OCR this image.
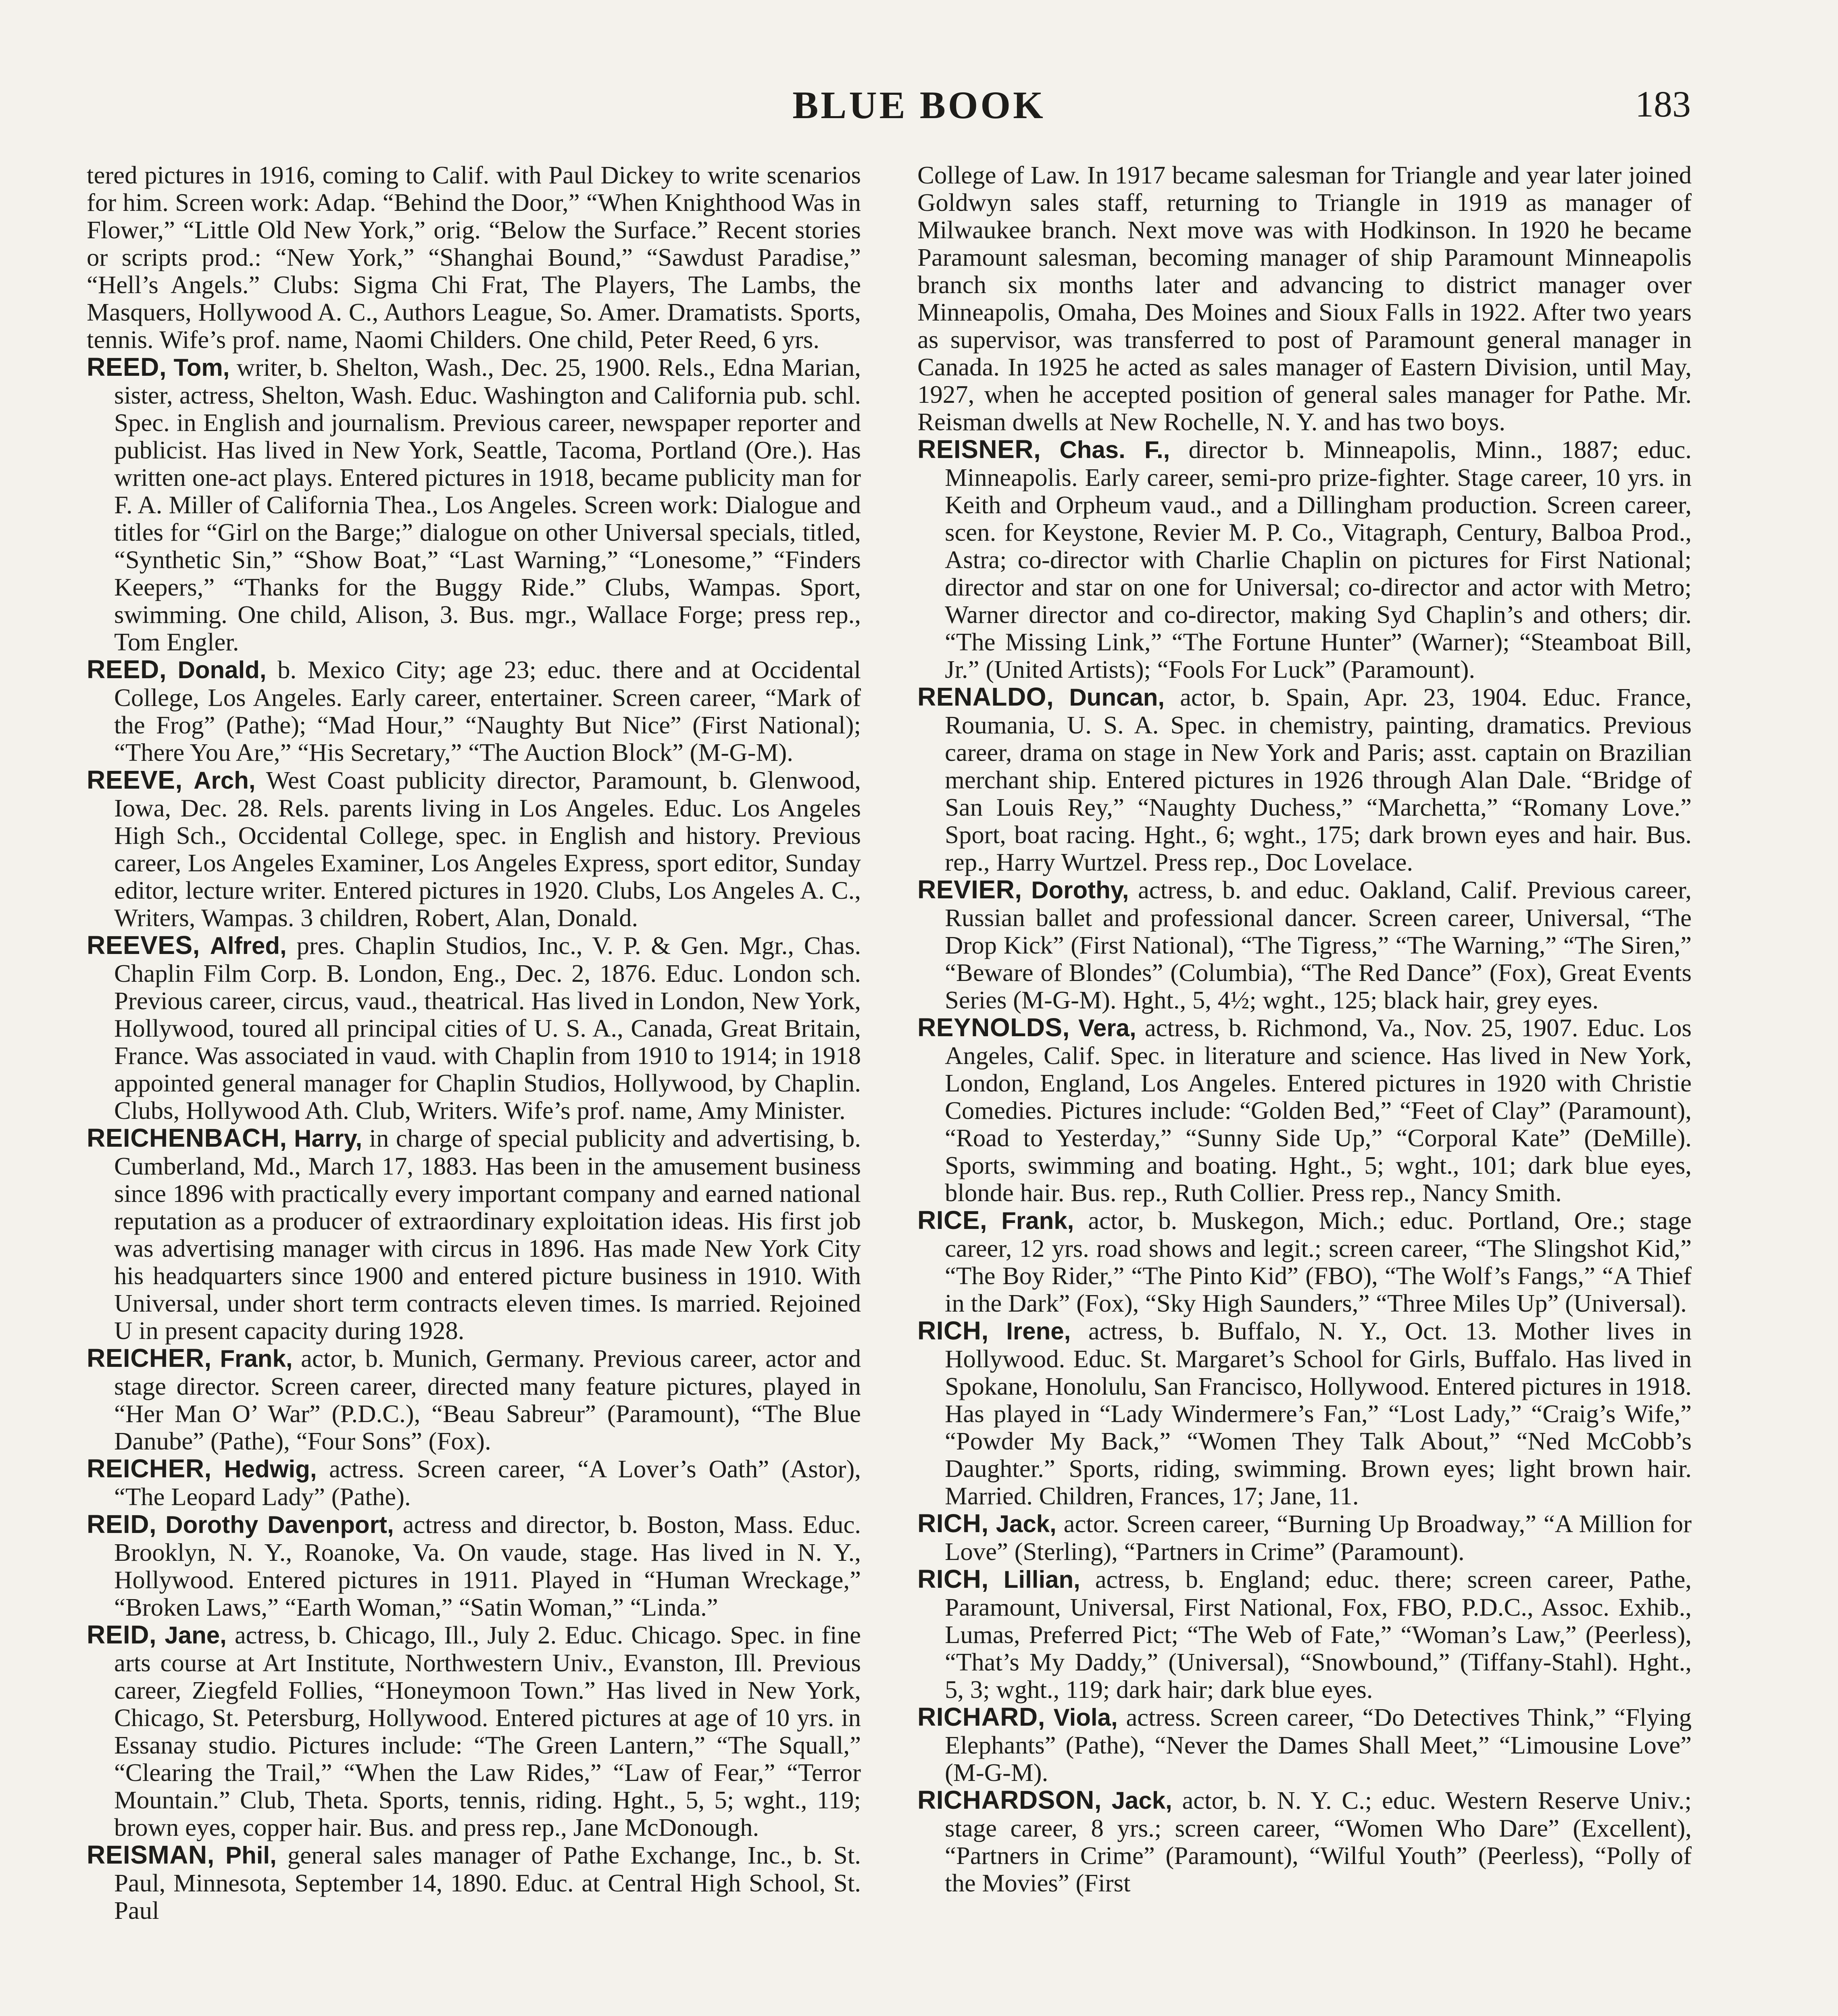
BLUE BOOK	183

tered pictures in 1916, coming to Calif. with Paul Dickey to write scenarios for him. Screen work: Adap. “Behind the Door,” “When Knighthood Was in Flower,” “Little Old New York,” orig. “Below the Surface.” Recent stories or scripts prod.: “New York,” “Shanghai Bound,” “Sawdust Paradise,” “Hell’s Angels.” Clubs: Sigma Chi Frat, The Players, The Lambs, the Masquers, Hollywood A. C., Authors League, So. Amer. Dramatists. Sports, tennis. Wife’s prof. name, Naomi Childers. One child, Peter Reed, 6 yrs.

REED, Tom, writer, b. Shelton, Wash., Dec. 25, 1900. Rels., Edna Marian, sister, actress, Shelton, Wash. Educ. Washington and California pub. schl. Spec. in English and journalism. Previous career, newspaper reporter and publicist. Has lived in New York, Seattle, Tacoma, Portland (Ore.). Has written one-act plays. Entered pictures in 1918, became publicity man for F. A. Miller of California Thea., Los Angeles. Screen work: Dialogue and titles for “Girl on the Barge;” dialogue on other Universal specials, titled, “Synthetic Sin,” “Show Boat,” “Last Warning,” “Lonesome,” “Finders Keepers,” “Thanks for the Buggy Ride.” Clubs, Wampas. Sport, swimming. One child, Alison, 3. Bus. mgr., Wallace Forge; press rep., Tom Engler.

REED, Donald, b. Mexico City; age 23; educ. there and at Occidental College, Los Angeles. Early career, entertainer. Screen career, “Mark of the Frog” (Pathe); “Mad Hour,” “Naughty But Nice” (First National); “There You Are,” “His Secretary,” “The Auction Block” (M-G-M).

REEVE, Arch, West Coast publicity director, Paramount, b. Glenwood, Iowa, Dec. 28. Rels. parents living in Los Angeles. Educ. Los Angeles High Sch., Occidental College, spec. in English and history. Previous career, Los Angeles Examiner, Los Angeles Express, sport editor, Sunday editor, lecture writer. Entered pictures in 1920. Clubs, Los Angeles A. C., Writers, Wampas. 3 children, Robert, Alan, Donald.

REEVES, Alfred, pres. Chaplin Studios, Inc., V. P. & Gen. Mgr., Chas. Chaplin Film Corp. B. London, Eng., Dec. 2, 1876. Educ. London sch. Previous career, circus, vaud., theatrical. Has lived in London, New York, Hollywood, toured all principal cities of U. S. A., Canada, Great Britain, France. Was associated in vaud. with Chaplin from 1910 to 1914; in 1918 appointed general manager for Chaplin Studios, Hollywood, by Chaplin. Clubs, Hollywood Ath. Club, Writers. Wife’s prof. name, Amy Minister.

REICHENBACH, Harry, in charge of special publicity and advertising, b. Cumberland, Md., March 17, 1883. Has been in the amusement business since 1896 with practically every important company and earned national reputation as a producer of extraordinary exploitation ideas. His first job was advertising manager with circus in 1896. Has made New York City his headquarters since 1900 and entered picture business in 1910. With Universal, under short term contracts eleven times. Is married. Rejoined U in present capacity during 1928.

REICHER, Frank, actor, b. Munich, Germany. Previous career, actor and stage director. Screen career, directed many feature pictures, played in “Her Man O’ War” (P.D.C.), “Beau Sabreur” (Paramount), “The Blue Danube” (Pathe), “Four Sons” (Fox).

REICHER, Hedwig, actress. Screen career, “A Lover’s Oath” (Astor), “The Leopard Lady” (Pathe).

REID, Dorothy Davenport, actress and director, b. Boston, Mass. Educ. Brooklyn, N. Y., Roanoke, Va. On vaude, stage. Has lived in N. Y., Hollywood. Entered pictures in 1911. Played in “Human Wreckage,” “Broken Laws,” “Earth Woman,” “Satin Woman,” “Linda.”

REID, Jane, actress, b. Chicago, Ill., July 2. Educ. Chicago. Spec. in fine arts course at Art Institute, Northwestern Univ., Evanston, Ill. Previous career, Ziegfeld Follies, “Honeymoon Town.” Has lived in New York, Chicago, St. Petersburg, Hollywood. Entered pictures at age of 10 yrs. in Essanay studio. Pictures include: “The Green Lantern,” “The Squall,” “Clearing the Trail,” “When the Law Rides,” “Law of Fear,” “Terror Mountain.” Club, Theta. Sports, tennis, riding. Hght., 5, 5; wght., 119; brown eyes, copper hair. Bus. and press rep., Jane McDonough.

REISMAN, Phil, general sales manager of Pathe Exchange, Inc., b. St. Paul, Minnesota, September 14, 1890. Educ. at Central High School, St. Paul

College of Law. In 1917 became salesman for Triangle and year later joined Goldwyn sales staff, returning to Triangle in 1919 as manager of Milwaukee branch. Next move was with Hodkinson. In 1920 he became Paramount salesman, becoming manager of ship Paramount Minneapolis branch six months later and advancing to district manager over Minneapolis, Omaha, Des Moines and Sioux Falls in 1922. After two years as supervisor, was transferred to post of Paramount general manager in Canada. In 1925 he acted as sales manager of Eastern Division, until May, 1927, when he accepted position of general sales manager for Pathe. Mr. Reisman dwells at New Rochelle, N. Y. and has two boys.

REISNER, Chas. F., director b. Minneapolis, Minn., 1887; educ. Minneapolis. Early career, semi-pro prize-fighter. Stage career, 10 yrs. in Keith and Orpheum vaud., and a Dillingham production. Screen career, scen. for Keystone, Revier M. P. Co., Vitagraph, Century, Balboa Prod., Astra; co-director with Charlie Chaplin on pictures for First National; director and star on one for Universal; co-director and actor with Metro; Warner director and co-director, making Syd Chaplin’s and others; dir. “The Missing Link,” “The Fortune Hunter” (Warner); “Steamboat Bill, Jr.” (United Artists); “Fools For Luck” (Paramount).

RENALDO, Duncan, actor, b. Spain, Apr. 23, 1904. Educ. France, Roumania, U. S. A. Spec. in chemistry, painting, dramatics. Previous career, drama on stage in New York and Paris; asst. captain on Brazilian merchant ship. Entered pictures in 1926 through Alan Dale. “Bridge of San Louis Rey,” “Naughty Duchess,” “Marchetta,” “Romany Love.” Sport, boat racing. Hght., 6; wght., 175; dark brown eyes and hair. Bus. rep., Harry Wurtzel. Press rep., Doc Lovelace.

REVIER, Dorothy, actress, b. and educ. Oakland, Calif. Previous career, Russian ballet and professional dancer. Screen career, Universal, “The Drop Kick” (First National), “The Tigress,” “The Warning,” “The Siren,” “Beware of Blondes” (Columbia), “The Red Dance” (Fox), Great Events Series (M-G-M). Hght., 5, 4½; wght., 125; black hair, grey eyes.

REYNOLDS, Vera, actress, b. Richmond, Va., Nov. 25, 1907. Educ. Los Angeles, Calif. Spec. in literature and science. Has lived in New York, London, England, Los Angeles. Entered pictures in 1920 with Christie Comedies. Pictures include: “Golden Bed,” “Feet of Clay” (Paramount), “Road to Yesterday,” “Sunny Side Up,” “Corporal Kate” (DeMille). Sports, swimming and boating. Hght., 5; wght., 101; dark blue eyes, blonde hair. Bus. rep., Ruth Collier. Press rep., Nancy Smith.

RICE, Frank, actor, b. Muskegon, Mich.; educ. Portland, Ore.; stage career, 12 yrs. road shows and legit.; screen career, “The Slingshot Kid,” “The Boy Rider,” “The Pinto Kid” (FBO), “The Wolf’s Fangs,” “A Thief in the Dark” (Fox), “Sky High Saunders,” “Three Miles Up” (Universal).

RICH, Irene, actress, b. Buffalo, N. Y., Oct. 13. Mother lives in Hollywood. Educ. St. Margaret’s School for Girls, Buffalo. Has lived in Spokane, Honolulu, San Francisco, Hollywood. Entered pictures in 1918. Has played in “Lady Windermere’s Fan,” “Lost Lady,” “Craig’s Wife,” “Powder My Back,” “Women They Talk About,” “Ned McCobb’s Daughter.” Sports, riding, swimming. Brown eyes; light brown hair. Married. Children, Frances, 17; Jane, 11.

RICH, Jack, actor. Screen career, “Burning Up Broadway,” “A Million for Love” (Sterling), “Partners in Crime” (Paramount).

RICH, Lillian, actress, b. England; educ. there; screen career, Pathe, Paramount, Universal, First National, Fox, FBO, P.D.C., Assoc. Exhib., Lumas, Preferred Pict; “The Web of Fate,” “Woman’s Law,” (Peerless), “That’s My Daddy,” (Universal), “Snowbound,” (Tiffany-Stahl). Hght., 5, 3; wght., 119; dark hair; dark blue eyes.

RICHARD, Viola, actress. Screen career, “Do Detectives Think,” “Flying Elephants” (Pathe), “Never the Dames Shall Meet,” “Limousine Love” (M-G-M).

RICHARDSON, Jack, actor, b. N. Y. C.; educ. Western Reserve Univ.; stage career, 8 yrs.; screen career, “Women Who Dare” (Excellent), “Partners in Crime” (Paramount), “Wilful Youth” (Peerless), “Polly of the Movies” (First
